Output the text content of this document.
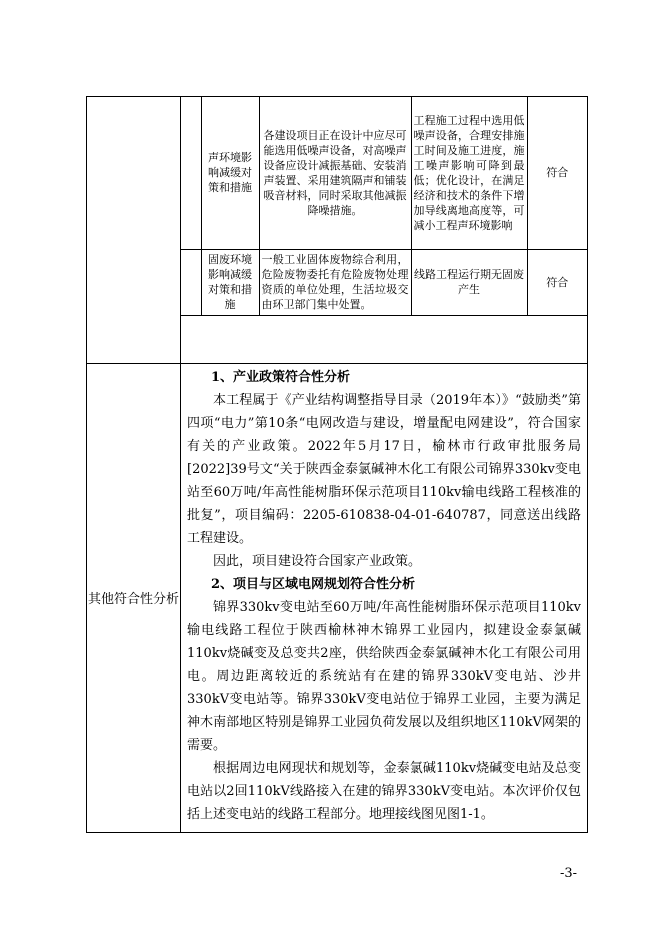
	声环境影响减缓对策和措施	各建设项目正在设计中应尽可能选用低噪声设备，对高噪声设备应设计减振基础、安装消声装置、采用建筑隔声和铺装吸音材料，同时采取其他减振降噪措施。	工程施工过程中选用低噪声设备，合理安排施工时间及施工进度，施工噪声影响可降到最低；优化设计，在满足经济和技术的条件下增加导线离地高度等，可减小工程声环境影响	符合
	固废环境影响减缓对策和措施	一般工业固体废物综合利用，危险废物委托有危险废物处理资质的单位处理，生活垃圾交由环卫部门集中处置。	线路工程运行期无固废产生	符合

其他符合性分析	

1、产业政策符合性分析

本工程属于《产业结构调整指导目录（2019年本）》“鼓励类”第四项“电力”第10条“电网改造与建设，增量配电网建设”，符合国家有关的产业政策。2022年5月17日，榆林市行政审批服务局[2022]39号文“关于陕西金泰氯碱神木化工有限公司锦界330kv变电站至60万吨/年高性能树脂环保示范项目110kv输电线路工程核准的批复”，项目编码：2205-610838-04-01-640787，同意送出线路工程建设。

因此，项目建设符合国家产业政策。

2、项目与区域电网规划符合性分析

锦界330kv变电站至60万吨/年高性能树脂环保示范项目110kv输电线路工程位于陕西榆林神木锦界工业园内，拟建设金泰氯碱110kv烧碱变及总变共2座，供给陕西金泰氯碱神木化工有限公司用电。周边距离较近的系统站有在建的锦界330kV变电站、沙井330kV变电站等。锦界330kV变电站位于锦界工业园，主要为满足神木南部地区特别是锦界工业园负荷发展以及组织地区110kV网架的需要。

根据周边电网现状和规划等，金泰氯碱110kv烧碱变电站及总变电站以2回110kV线路接入在建的锦界330kV变电站。本次评价仅包括上述变电站的线路工程部分。地理接线图见图1-1。

-3-
